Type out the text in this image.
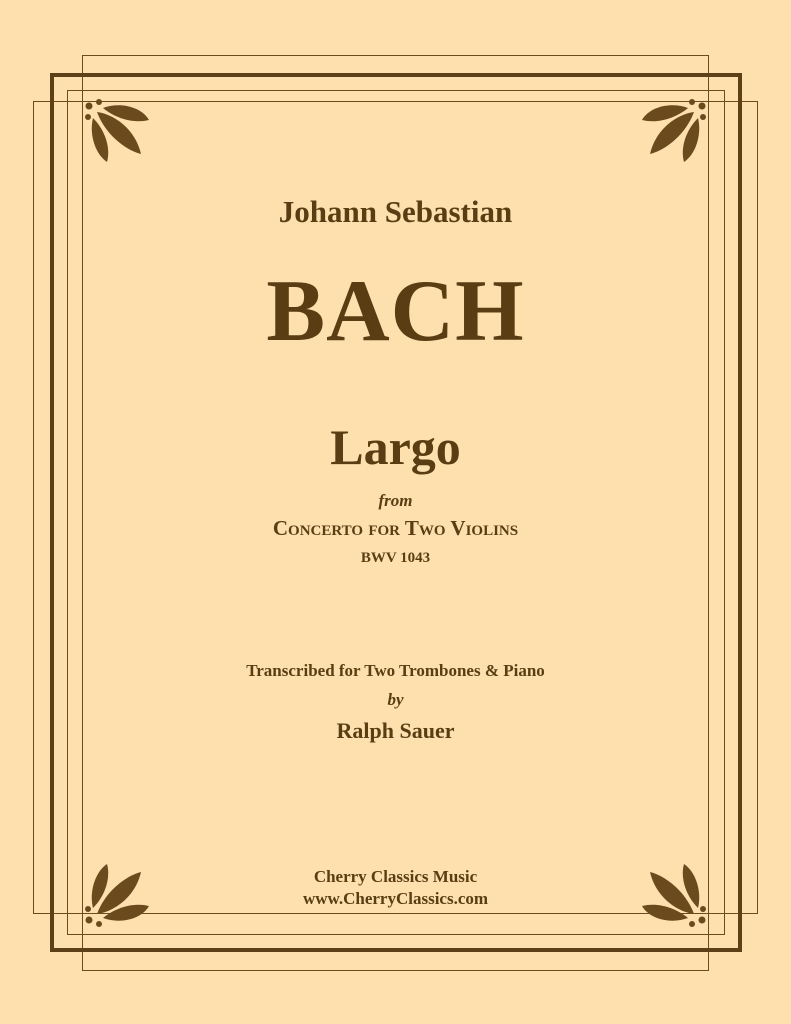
Johann Sebastian
BACH
Largo
from
Concerto for Two Violins
BWV 1043
Transcribed for Two Trombones & Piano
by
Ralph Sauer
Cherry Classics Music
www.CherryClassics.com
